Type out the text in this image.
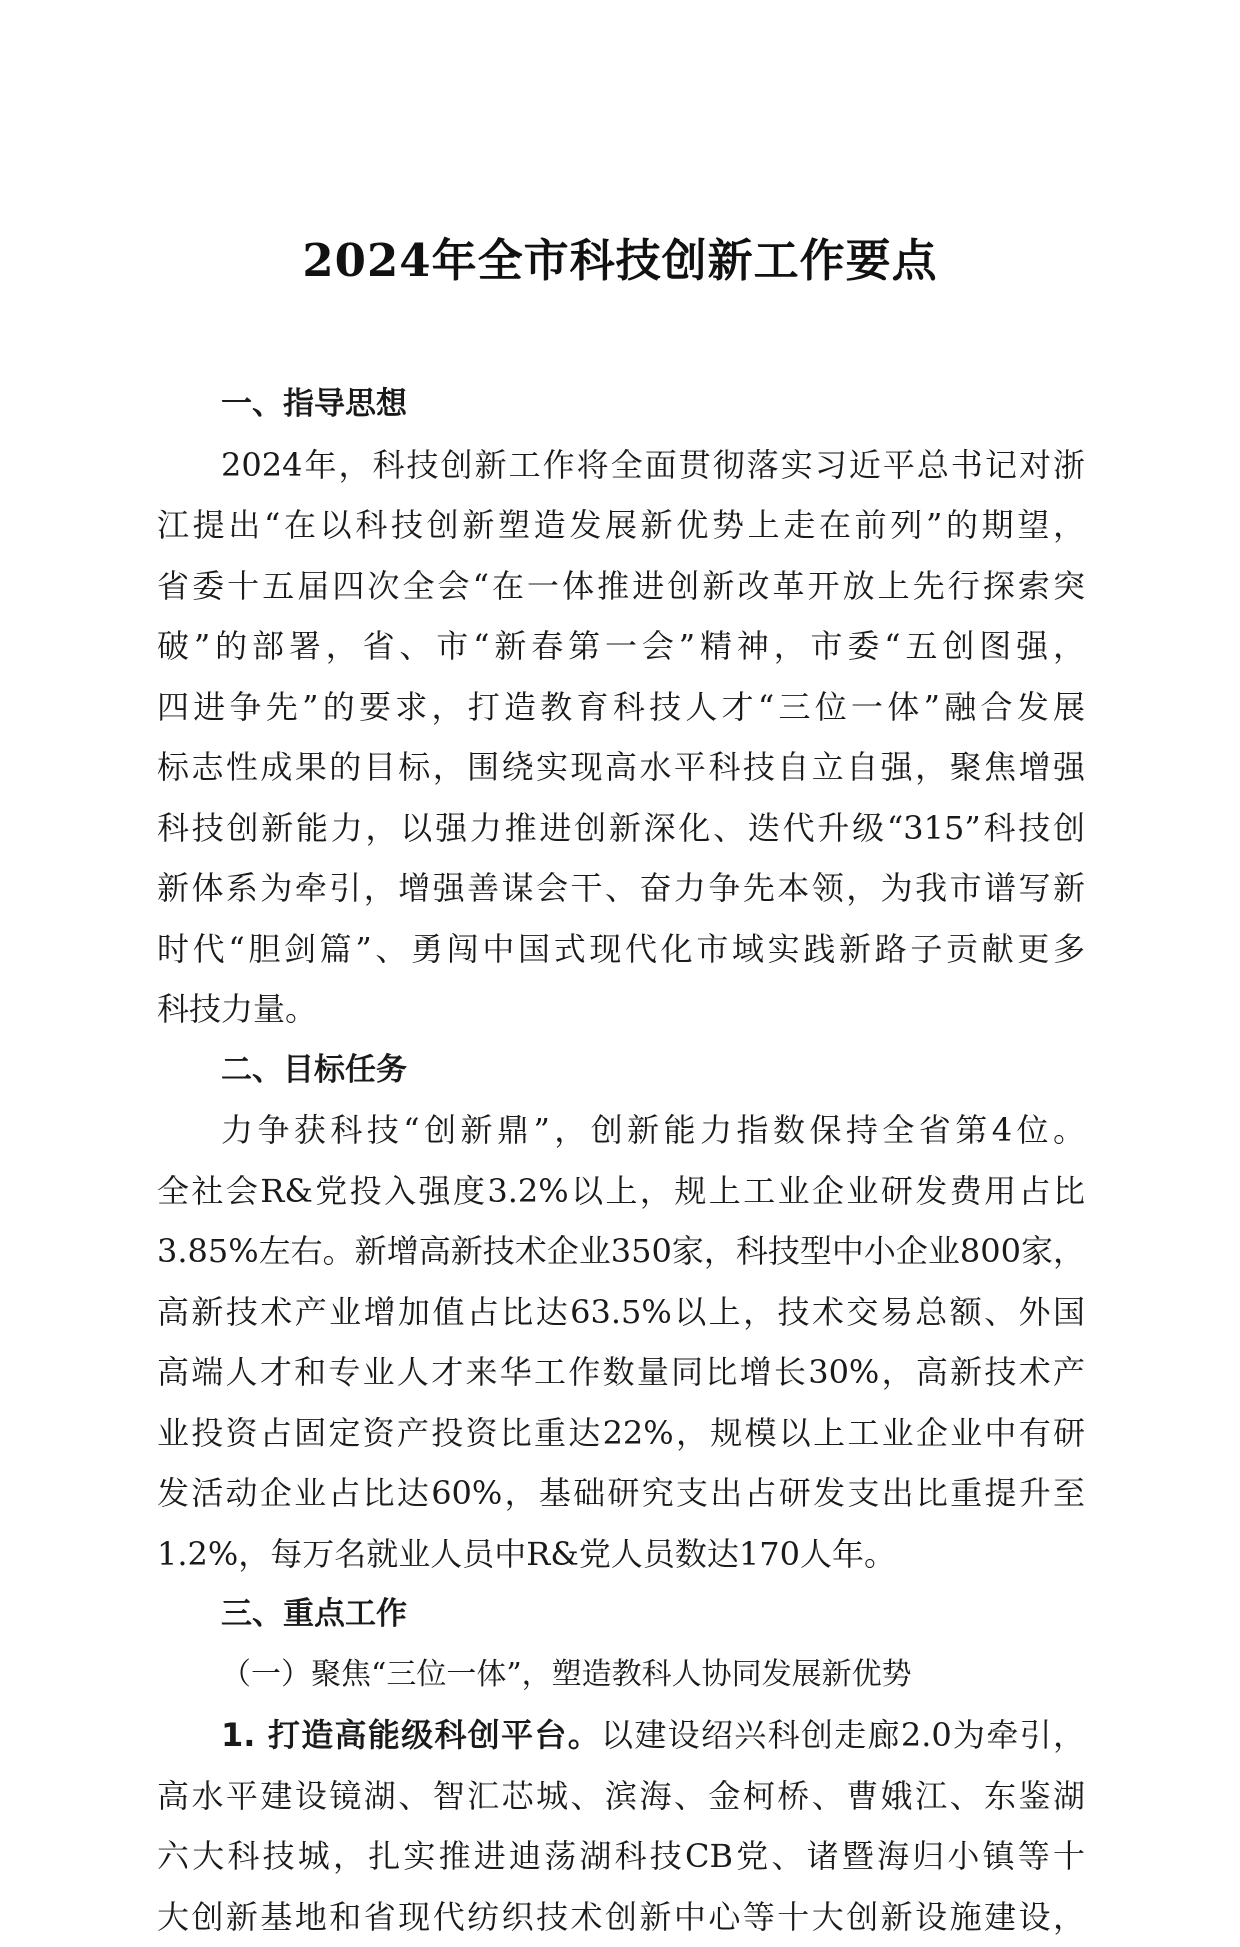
2024年全市科技创新工作要点
一、指导思想
2024年，科技创新工作将全面贯彻落实习近平总书记对浙
江提出“在以科技创新塑造发展新优势上走在前列”的期望，
省委十五届四次全会“在一体推进创新改革开放上先行探索突
破”的部署，省、市“新春第一会”精神，市委“五创图强，
四进争先”的要求，打造教育科技人才“三位一体”融合发展
标志性成果的目标，围绕实现高水平科技自立自强，聚焦增强
科技创新能力，以强力推进创新深化、迭代升级“315”科技创
新体系为牵引，增强善谋会干、奋力争先本领，为我市谱写新
时代“胆剑篇”、勇闯中国式现代化市域实践新路子贡献更多
科技力量。
二、目标任务
力争获科技“创新鼎”，创新能力指数保持全省第4位。
全社会R&党投入强度3.2%以上，规上工业企业研发费用占比
3.85%左右。新增高新技术企业350家，科技型中小企业800家，
高新技术产业增加值占比达63.5%以上，技术交易总额、外国
高端人才和专业人才来华工作数量同比增长30%，高新技术产
业投资占固定资产投资比重达22%，规模以上工业企业中有研
发活动企业占比达60%，基础研究支出占研发支出比重提升至
1.2%，每万名就业人员中R&党人员数达170人年。
三、重点工作
（一）聚焦“三位一体”，塑造教科人协同发展新优势
1. 打造高能级科创平台。以建设绍兴科创走廊2.0为牵引，
高水平建设镜湖、智汇芯城、滨海、金柯桥、曹娥江、东鉴湖
六大科技城，扎实推进迪荡湖科技CB党、诸暨海归小镇等十
大创新基地和省现代纺织技术创新中心等十大创新设施建设，
